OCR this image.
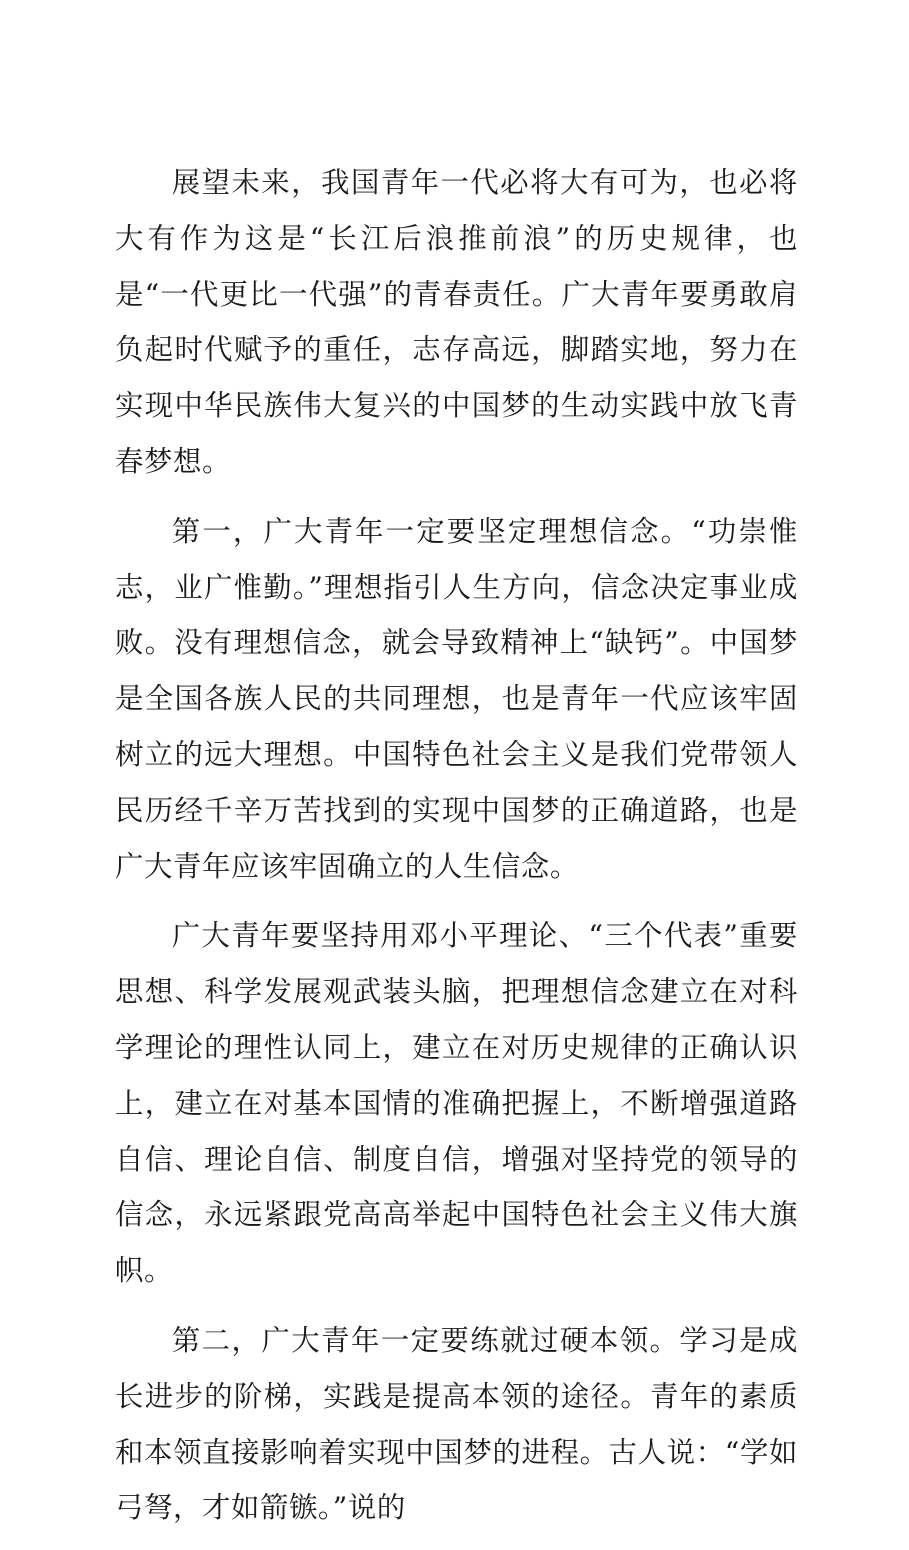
展望未来，我国青年一代必将大有可为，也必将大有作为这是“长江后浪推前浪”的历史规律，也是“一代更比一代强”的青春责任。广大青年要勇敢肩负起时代赋予的重任，志存高远，脚踏实地，努力在实现中华民族伟大复兴的中国梦的生动实践中放飞青春梦想。

第一，广大青年一定要坚定理想信念。“功崇惟志，业广惟勤。”理想指引人生方向，信念决定事业成败。没有理想信念，就会导致精神上“缺钙”。中国梦是全国各族人民的共同理想，也是青年一代应该牢固树立的远大理想。中国特色社会主义是我们党带领人民历经千辛万苦找到的实现中国梦的正确道路，也是广大青年应该牢固确立的人生信念。

广大青年要坚持用邓小平理论、“三个代表”重要思想、科学发展观武装头脑，把理想信念建立在对科学理论的理性认同上，建立在对历史规律的正确认识上，建立在对基本国情的准确把握上，不断增强道路自信、理论自信、制度自信，增强对坚持党的领导的信念，永远紧跟党高高举起中国特色社会主义伟大旗帜。

第二，广大青年一定要练就过硬本领。学习是成长进步的阶梯，实践是提高本领的途径。青年的素质和本领直接影响着实现中国梦的进程。古人说：“学如弓弩，才如箭镞。”说的
